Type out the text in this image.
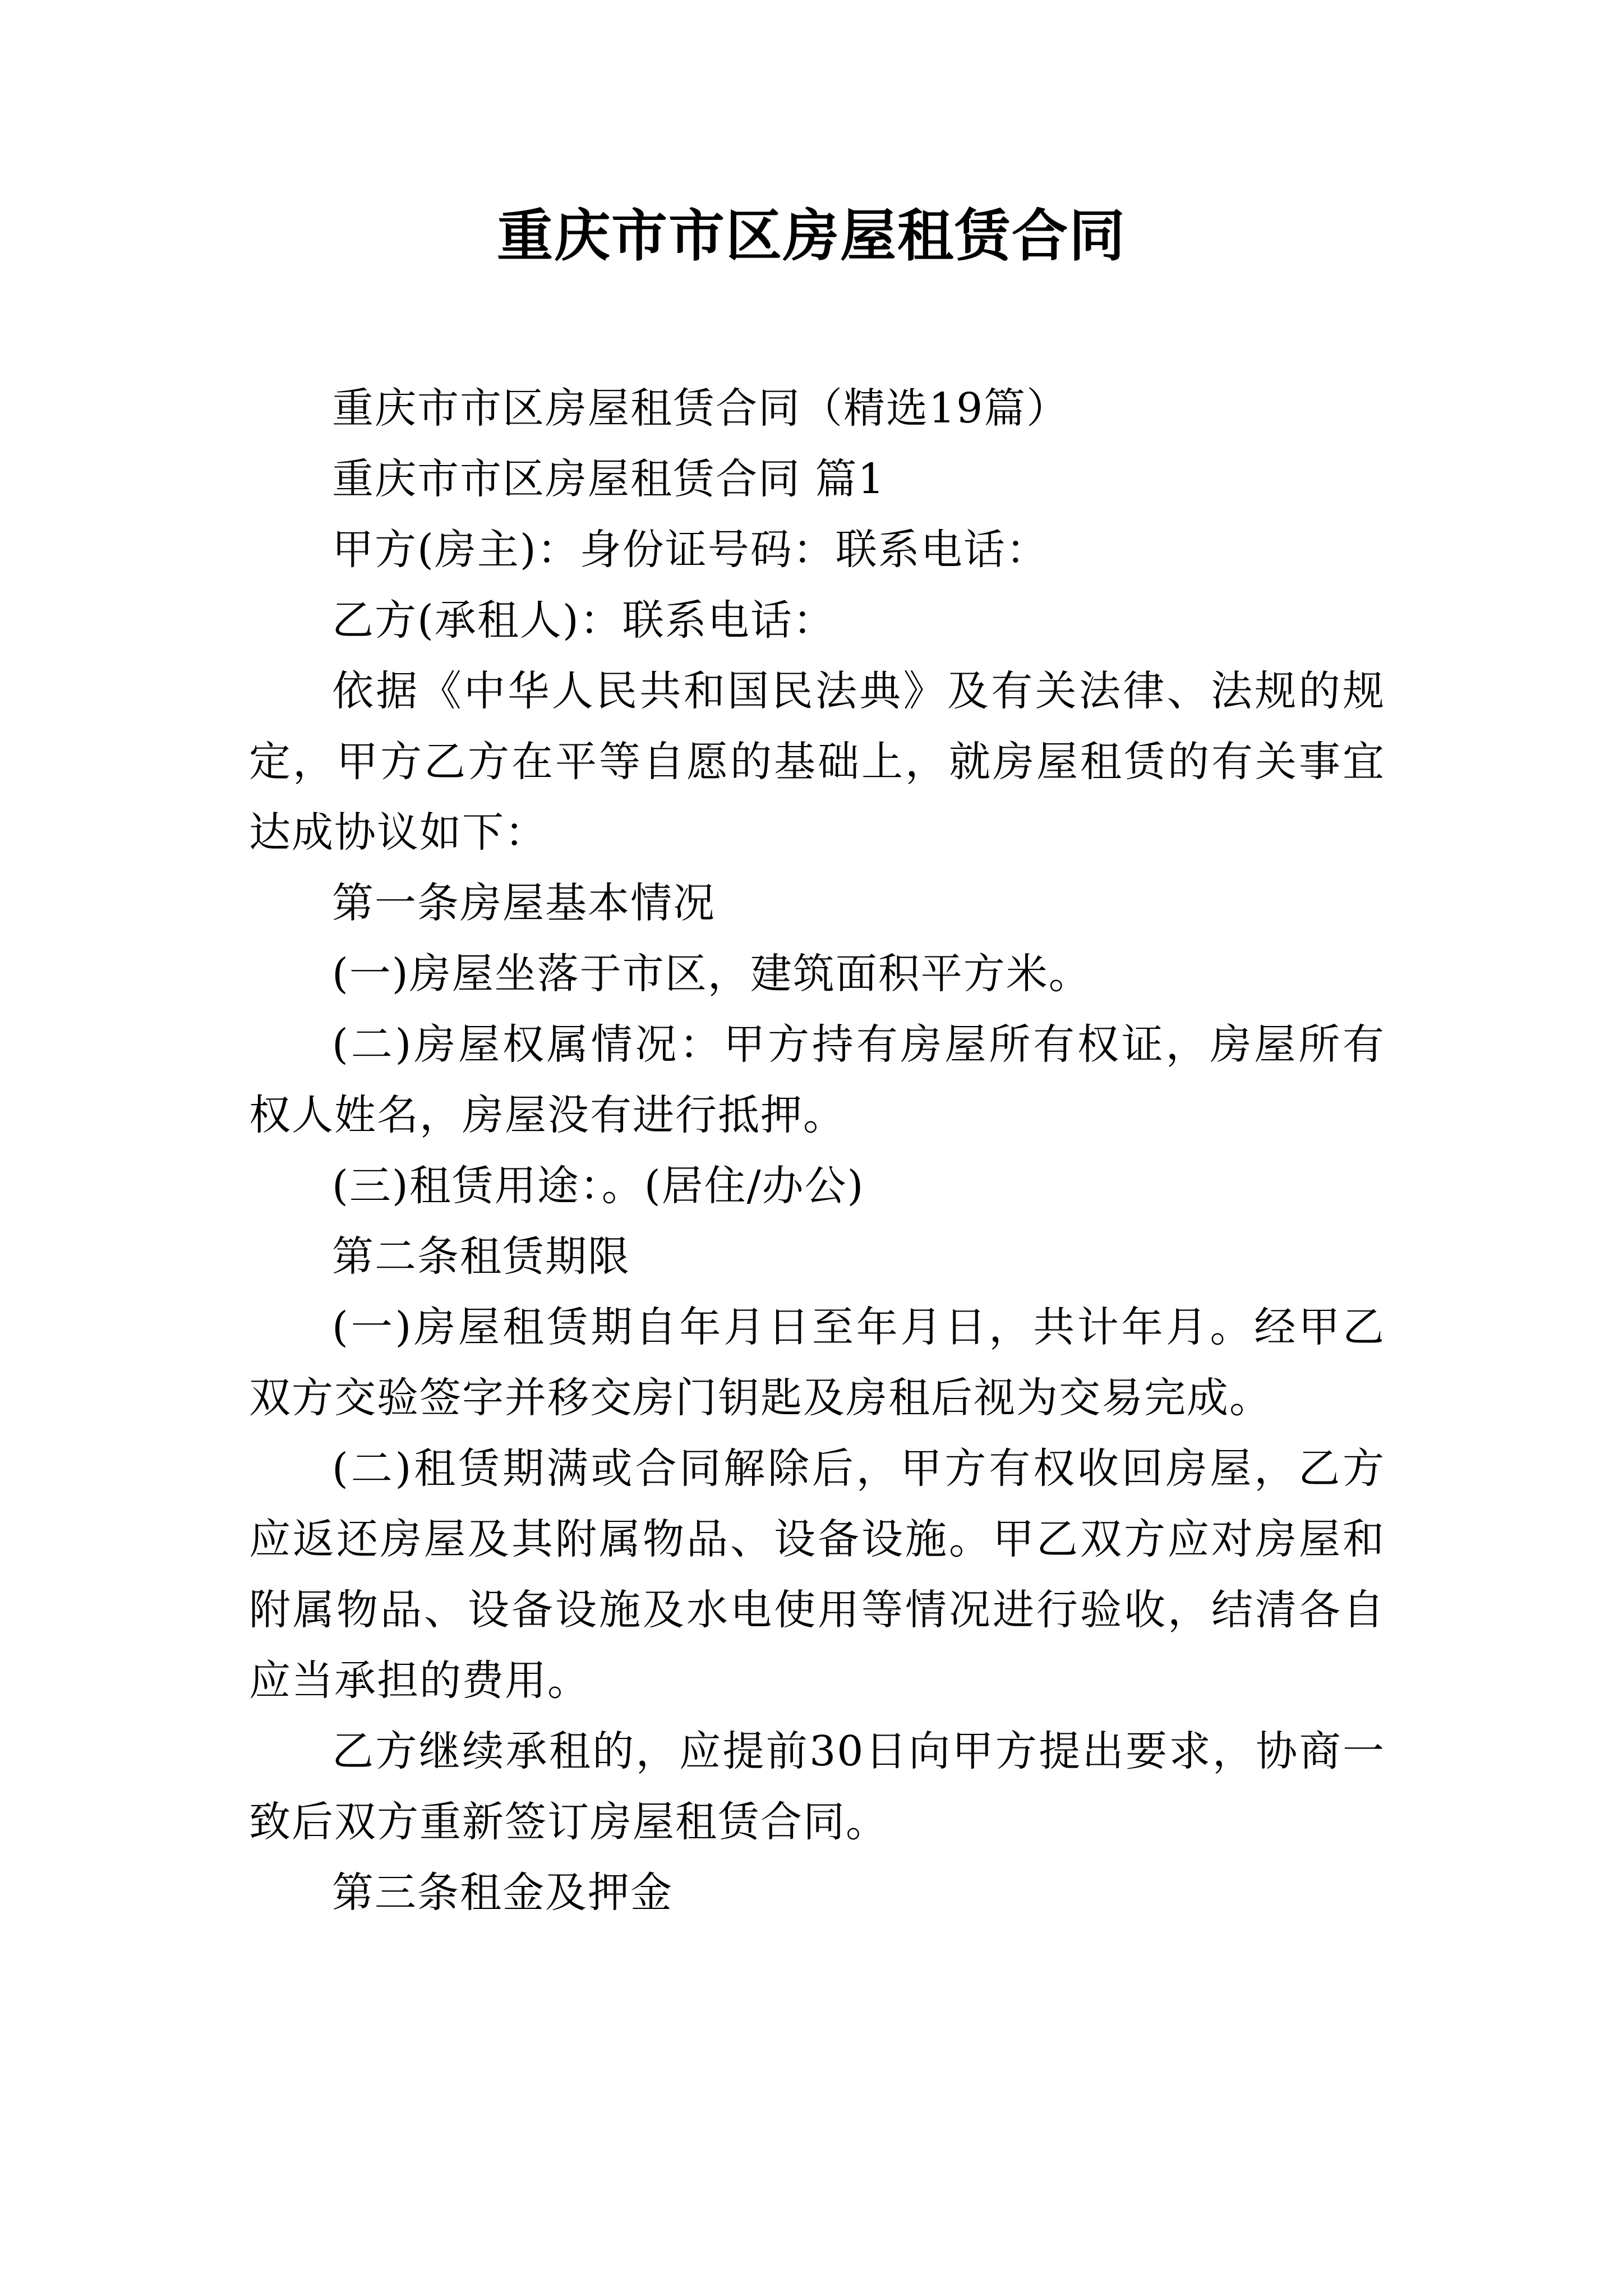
重庆市市区房屋租赁合同

重庆市市区房屋租赁合同（精选19篇）

重庆市市区房屋租赁合同 篇1

甲方(房主)：身份证号码：联系电话：

乙方(承租人)：联系电话：

依据《中华人民共和国民法典》及有关法律、法规的规定，甲方乙方在平等自愿的基础上，就房屋租赁的有关事宜达成协议如下：

第一条房屋基本情况

(一)房屋坐落于市区，建筑面积平方米。

(二)房屋权属情况：甲方持有房屋所有权证，房屋所有权人姓名，房屋没有进行抵押。

(三)租赁用途：。(居住/办公)

第二条租赁期限

(一)房屋租赁期自年月日至年月日，共计年月。经甲乙双方交验签字并移交房门钥匙及房租后视为交易完成。

(二)租赁期满或合同解除后，甲方有权收回房屋，乙方应返还房屋及其附属物品、设备设施。甲乙双方应对房屋和附属物品、设备设施及水电使用等情况进行验收，结清各自应当承担的费用。

乙方继续承租的，应提前30日向甲方提出要求，协商一致后双方重新签订房屋租赁合同。

第三条租金及押金
